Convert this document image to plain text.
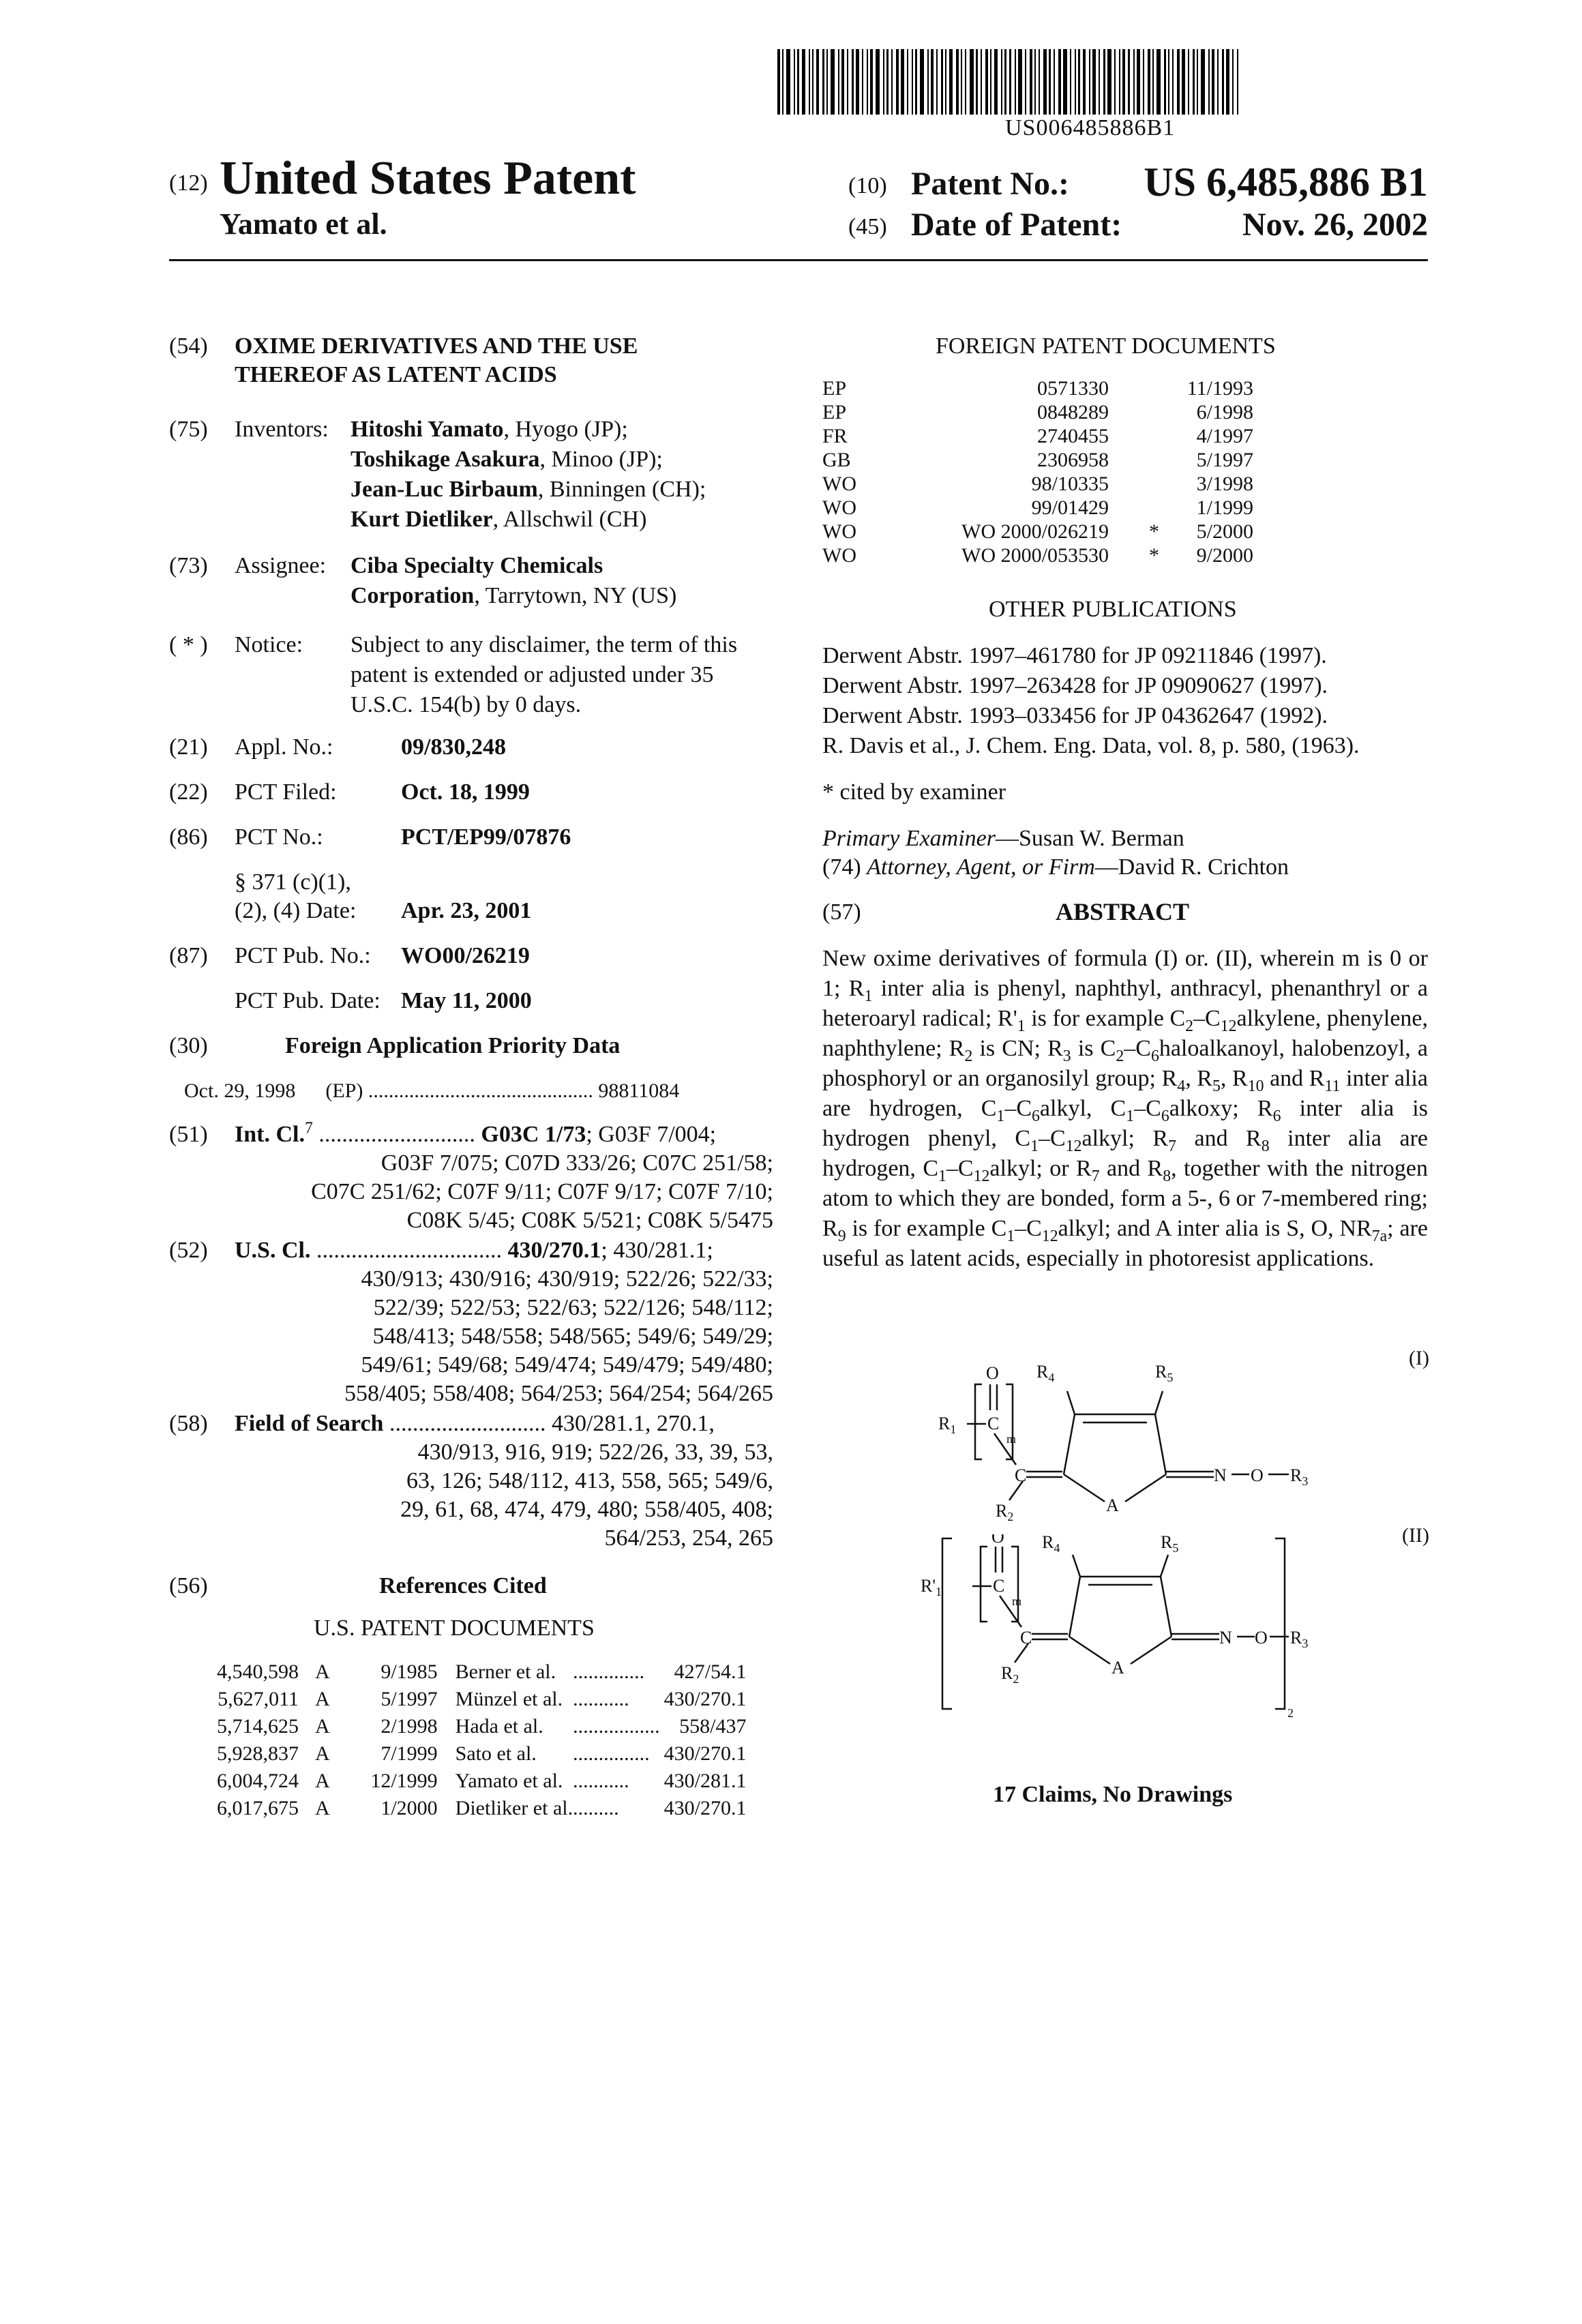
US006485886B1
(12) United States Patent
Yamato et al.
(10) Patent No.: US 6,485,886 B1
(45) Date of Patent:	Nov. 26, 2002
(54) OXIME DERIVATIVES AND THE USE
THEREOF AS LATENT ACIDS
(75) Inventors: Hitoshi Yamato, Hyogo (JP);
Toshikage Asakura, Minoo (JP);
Jean-Luc Birbaum, Binningen (CH);
Kurt Dietliker, Allschwil (CH)
(73) Assignee: Ciba Specialty Chemicals
Corporation, Tarrytown, NY (US)
( * ) Notice: Subject to any disclaimer, the term of this
patent is extended or adjusted under 35
U.S.C. 154(b) by 0 days.
(21) Appl. No.:	09/830,248
(22) PCT Filed:	Oct. 18, 1999
(86) PCT No.:	PCT/EP99/07876
§ 371 (c)(1),
(2), (4) Date: Apr. 23, 2001
(87) PCT Pub. No.: WO00/26219
PCT Pub. Date: May 11, 2000
(30)	Foreign Application Priority Data
Oct. 29, 1998 (EP) ............................................ 98811084
(51) Int. Cl.7 ........................... G03C 1/73; G03F 7/004;
G03F 7/075; C07D 333/26; C07C 251/58;
C07C 251/62; C07F 9/11; C07F 9/17; C07F 7/10;
C08K 5/45; C08K 5/521; C08K 5/5475
(52) U.S. Cl. ................................ 430/270.1; 430/281.1;
430/913; 430/916; 430/919; 522/26; 522/33;
522/39; 522/53; 522/63; 522/126; 548/112;
548/413; 548/558; 548/565; 549/6; 549/29;
549/61; 549/68; 549/474; 549/479; 549/480;
558/405; 558/408; 564/253; 564/254; 564/265
(58) Field of Search ........................... 430/281.1, 270.1,
430/913, 916, 919; 522/26, 33, 39, 53,
63, 126; 548/112, 413, 558, 565; 549/6,
29, 61, 68, 474, 479, 480; 558/405, 408;
564/253, 254, 265
(56)	References Cited
U.S. PATENT DOCUMENTS
4,540,598	A	9/1985	Berner et al.	..............	427/54.1
5,627,011	A	5/1997	Münzel et al.	...........	430/270.1
5,714,625	A	2/1998	Hada et al.	.................	558/437
5,928,837	A	7/1999	Sato et al.	...............	430/270.1
6,004,724	A	12/1999	Yamato et al.	...........	430/281.1
6,017,675	A	1/2000	Dietliker et al.	.........	430/270.1
FOREIGN PATENT DOCUMENTS
EP	0571330		11/1993
EP	0848289		6/1998
FR	2740455		4/1997
GB	2306958		5/1997
WO	98/10335		3/1998
WO	99/01429		1/1999
WO	WO 2000/026219	*	5/2000
WO	WO 2000/053530	*	9/2000
OTHER PUBLICATIONS
Derwent Abstr. 1997–461780 for JP 09211846 (1997).
Derwent Abstr. 1997–263428 for JP 09090627 (1997).
Derwent Abstr. 1993–033456 for JP 04362647 (1992).
R. Davis et al., J. Chem. Eng. Data, vol. 8, p. 580, (1963).
* cited by examiner
Primary Examiner—Susan W. Berman
(74) Attorney, Agent, or Firm—David R. Crichton
(57)	ABSTRACT
New oxime derivatives of formula (I) or. (II), wherein m is 0 or 1; R1 inter alia is phenyl, naphthyl, anthracyl, phenanthryl or a heteroaryl radical; R'1 is for example C2–C12alkylene, phenylene, naphthylene; R2 is CN; R3 is C2–C6haloalkanoyl, halobenzoyl, a phosphoryl or an organosilyl group; R4, R5, R10 and R11 inter alia are hydrogen, C1–C6alkyl, C1–C6alkoxy; R6 inter alia is hydrogen phenyl, C1–C12alkyl; R7 and R8 inter alia are hydrogen, C1–C12alkyl; or R7 and R8, together with the nitrogen atom to which they are bonded, form a 5-, 6 or 7-membered ring; R9 is for example C1–C12alkyl; and A inter alia is S, O, NR7a; are useful as latent acids, especially in photoresist applications.
(I)
O R4	R5
R1 C
m
C
A
N O R3
R2
(II)
O R4	R5
R'1	C
m
C
A
N O R3
R2
2
17 Claims, No Drawings
